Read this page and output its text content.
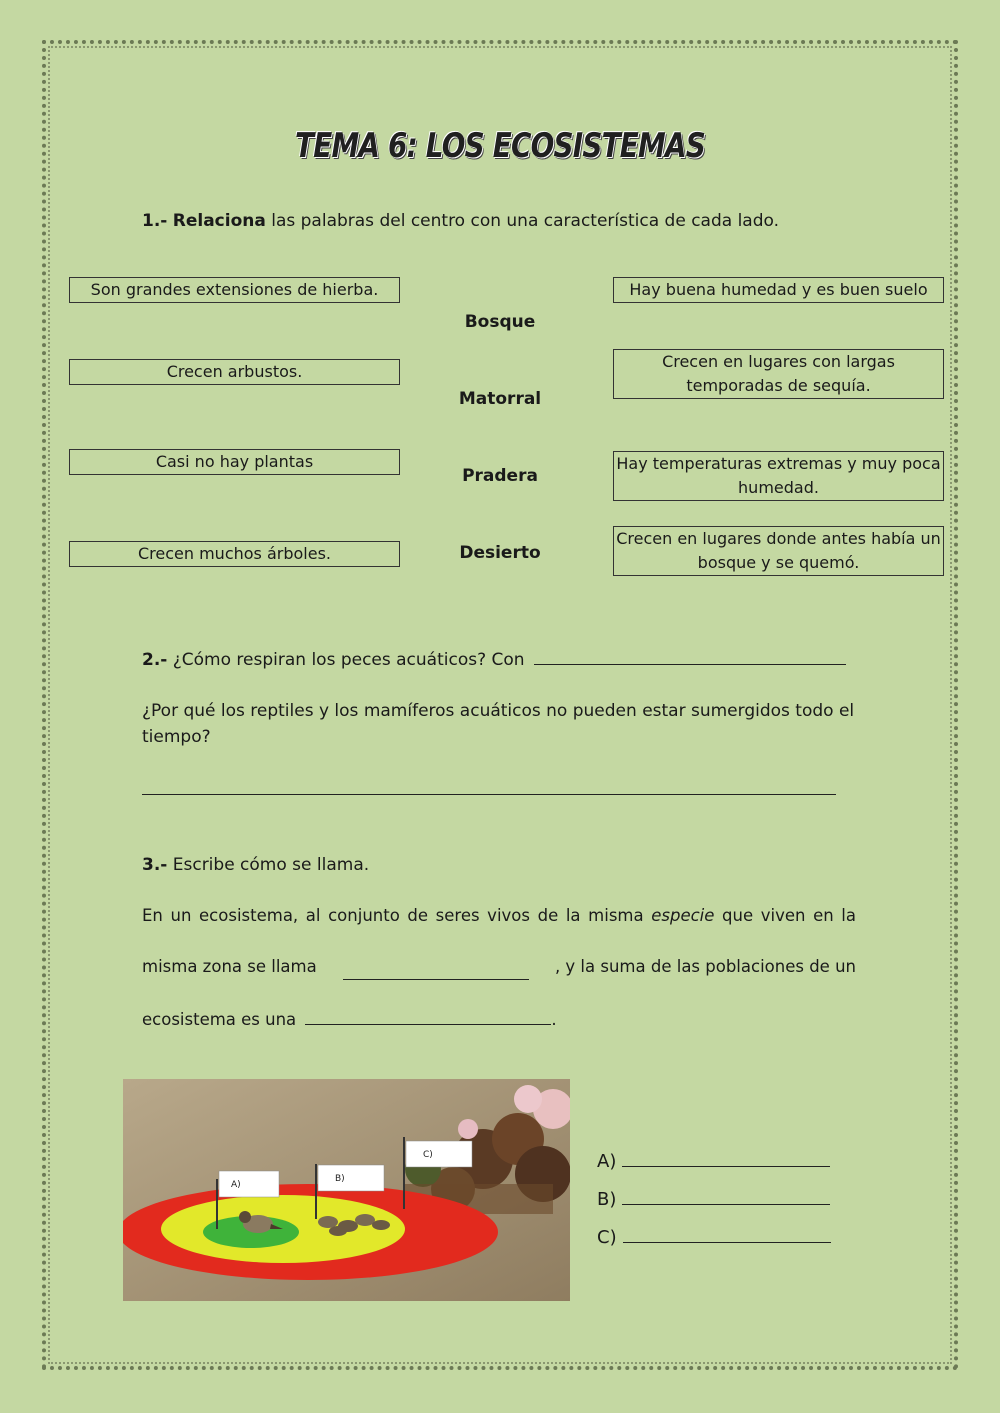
TEMA 6: LOS ECOSISTEMAS
1.- Relaciona las palabras del centro con una característica de cada lado.
Son grandes extensiones de hierba.
Crecen arbustos.
Casi no hay plantas
Crecen muchos árboles.
Bosque
Matorral
Pradera
Desierto
Hay buena humedad y es buen suelo
Crecen en lugares con largas temporadas de sequía.
Hay temperaturas extremas y muy poca humedad.
Crecen en lugares donde antes había un bosque y se quemó.
2.- ¿Cómo respiran los peces acuáticos? Con
¿Por qué los reptiles y los mamíferos acuáticos no pueden estar sumergidos todo el tiempo?
3.- Escribe cómo se llama.
En un ecosistema, al conjunto de seres vivos de la misma especie que viven en la
misma zona se llama	, y la suma de las poblaciones de un
ecosistema es una	.
A)
B)
C)	A)
B)
C)
